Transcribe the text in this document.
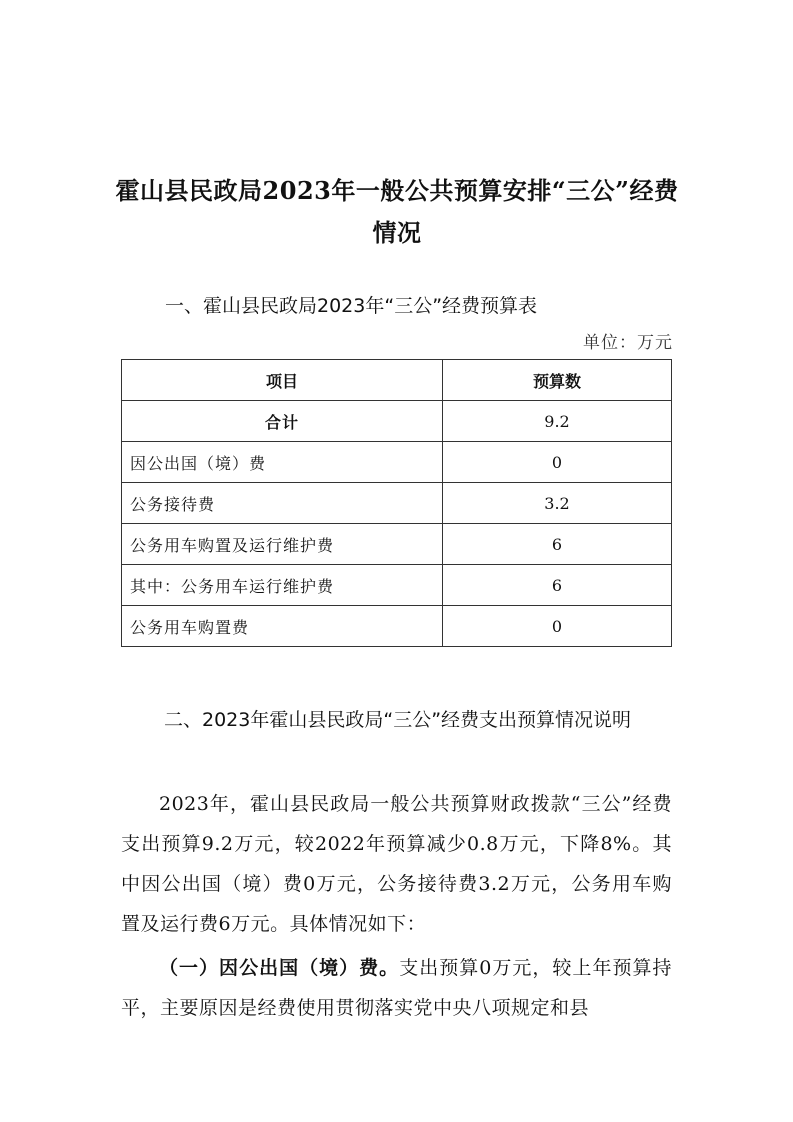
霍山县民政局2023年一般公共预算安排“三公”经费情况
一、霍山县民政局2023年“三公”经费预算表
单位：万元
项目	预算数
合计	9.2
因公出国（境）费	0
公务接待费	3.2
公务用车购置及运行维护费	6
其中：公务用车运行维护费	6
公务用车购置费	0
二、2023年霍山县民政局“三公”经费支出预算情况说明

2023年，霍山县民政局一般公共预算财政拨款“三公”经费支出预算9.2万元，较2022年预算减少0.8万元，下降8%。其中因公出国（境）费0万元，公务接待费3.2万元，公务用车购置及运行费6万元。具体情况如下：

（一）因公出国（境）费。支出预算0万元，较上年预算持平，主要原因是经费使用贯彻落实党中央八项规定和县
